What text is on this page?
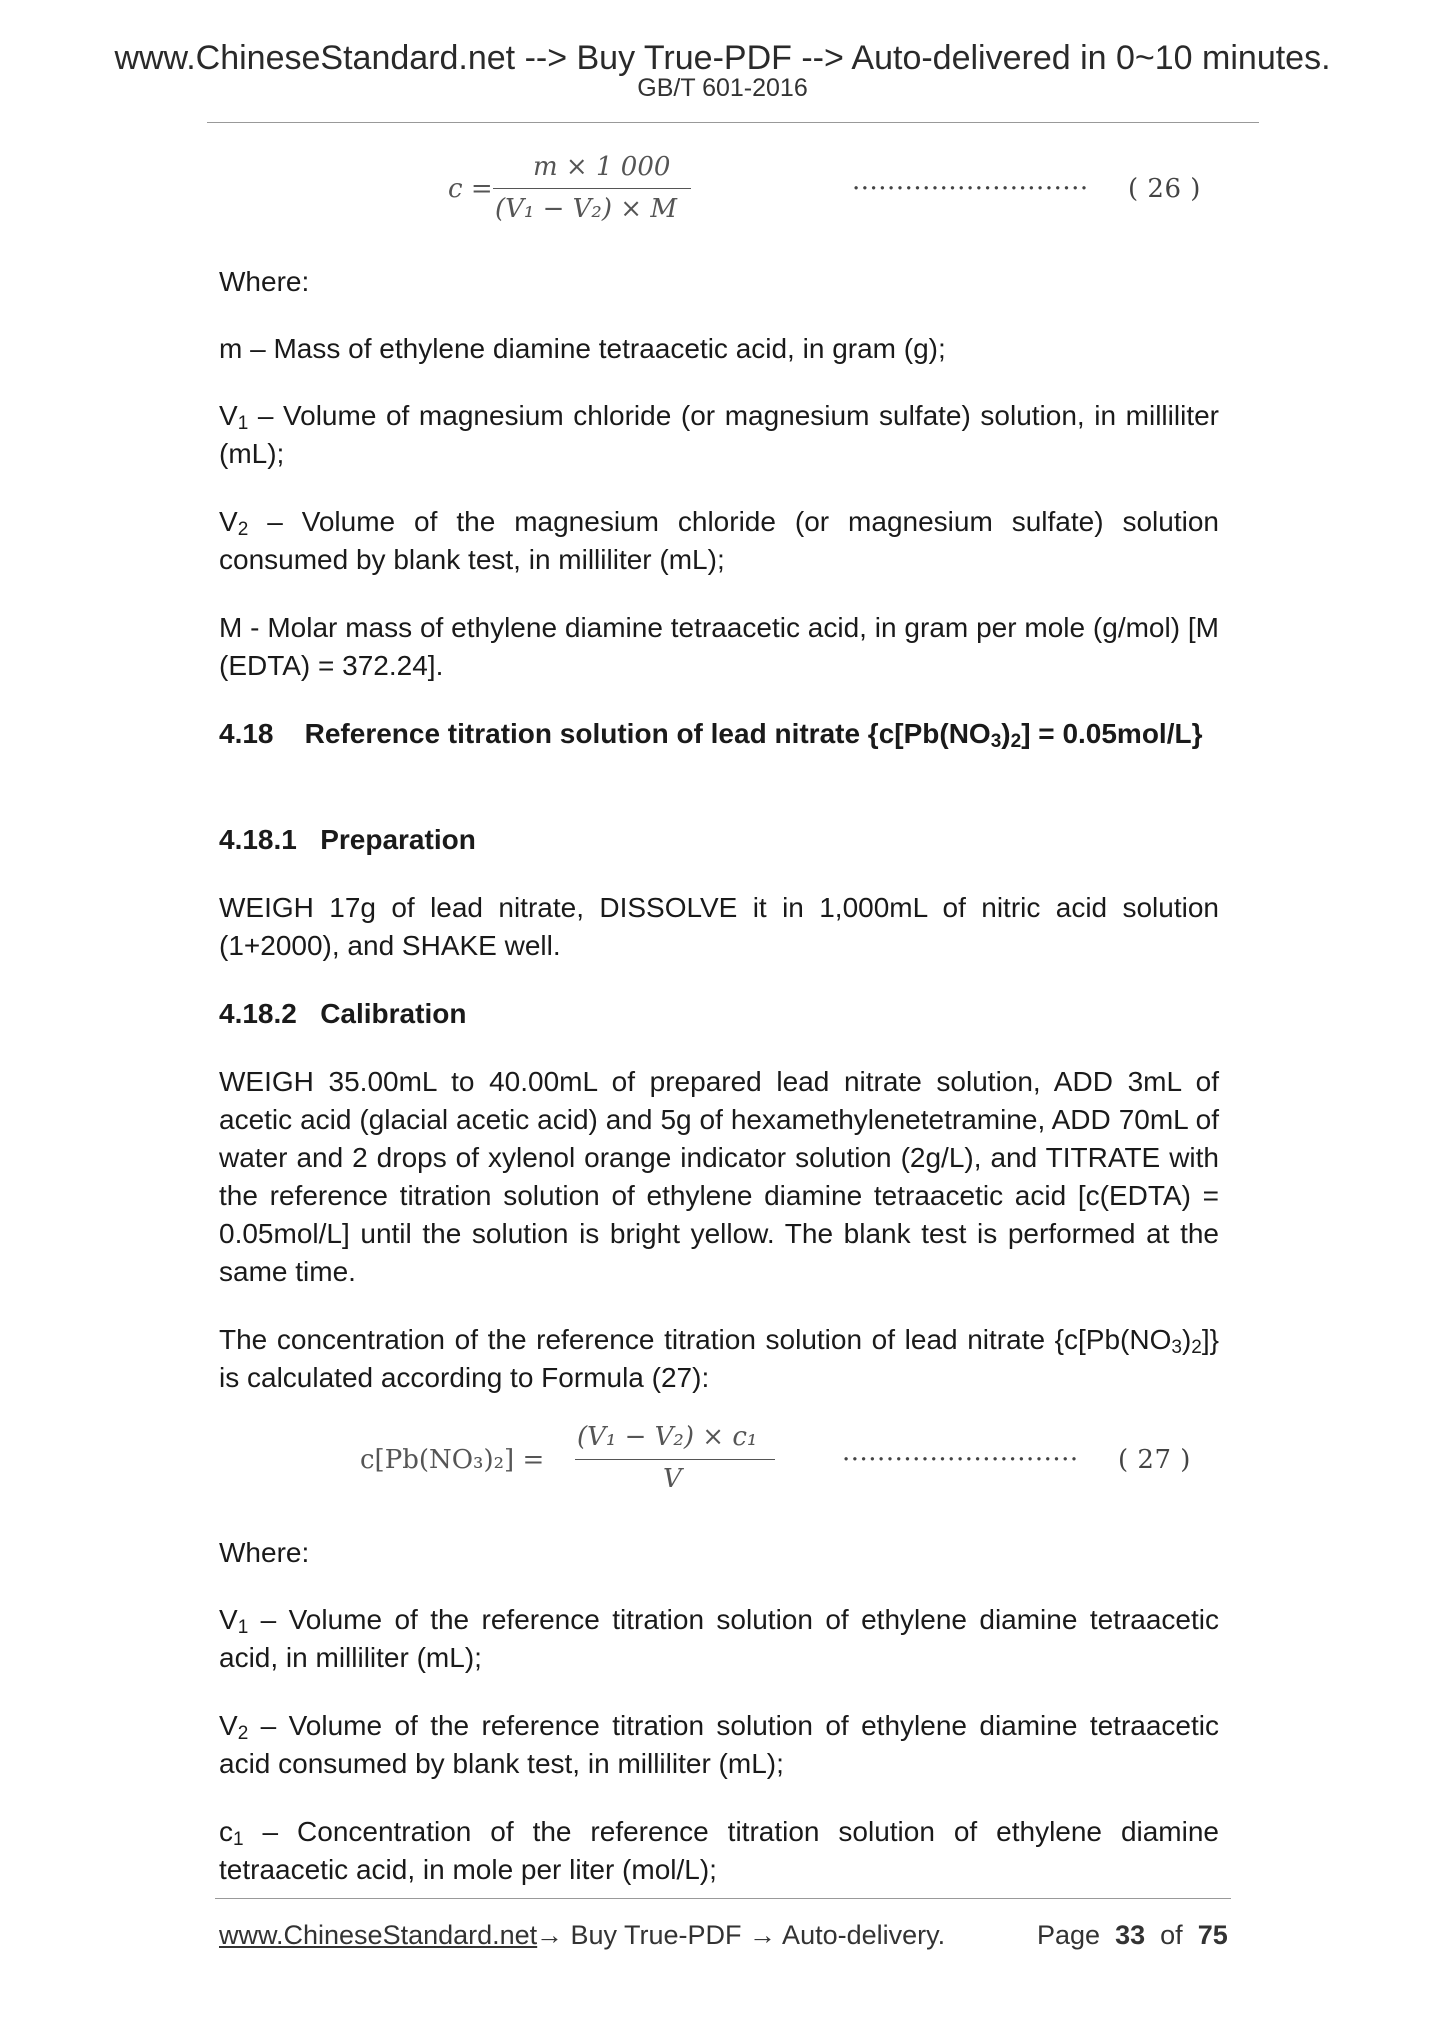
www.ChineseStandard.net --> Buy True-PDF --> Auto-delivered in 0~10 minutes.
GB/T 601-2016
c =
m × 1 000
(V₁ − V₂) × M
··························· ( 26 )
Where:
m – Mass of ethylene diamine tetraacetic acid, in gram (g);
$V_1$ – Volume of magnesium chloride (or magnesium sulfate) solution, in milliliter (mL);
$V_2$ – Volume of the magnesium chloride (or magnesium sulfate) solution consumed by blank test, in milliliter (mL);
M - Molar mass of ethylene diamine tetraacetic acid, in gram per mole (g/mol) [M (EDTA) = 372.24].
4.18 Reference titration solution of lead nitrate $\{c[Pb(NO_3)_2] = 0.05mol/L\}$
4.18.1 Preparation
WEIGH 17g of lead nitrate, DISSOLVE it in 1,000mL of nitric acid solution (1+2000), and SHAKE well.
4.18.2 Calibration
WEIGH 35.00mL to 40.00mL of prepared lead nitrate solution, ADD 3mL of acetic acid (glacial acetic acid) and 5g of hexamethylenetetramine, ADD 70mL of water and 2 drops of xylenol orange indicator solution (2g/L), and TITRATE with the reference titration solution of ethylene diamine tetraacetic acid [c(EDTA) = 0.05mol/L] until the solution is bright yellow. The blank test is performed at the same time.
The concentration of the reference titration solution of lead nitrate $\{c[Pb(NO_3)_2]\}$ is calculated according to Formula (27):
c[Pb(NO₃)₂] =
(V₁ − V₂) × c₁
V
··························· ( 27 )
Where:
$V_1$ – Volume of the reference titration solution of ethylene diamine tetraacetic acid, in milliliter (mL);
$V_2$ – Volume of the reference titration solution of ethylene diamine tetraacetic acid consumed by blank test, in milliliter (mL);
$c_1$ – Concentration of the reference titration solution of ethylene diamine tetraacetic acid, in mole per liter (mol/L);
www.ChineseStandard.net
→ Buy True-PDF → Auto-delivery.	Page 33 of 75
